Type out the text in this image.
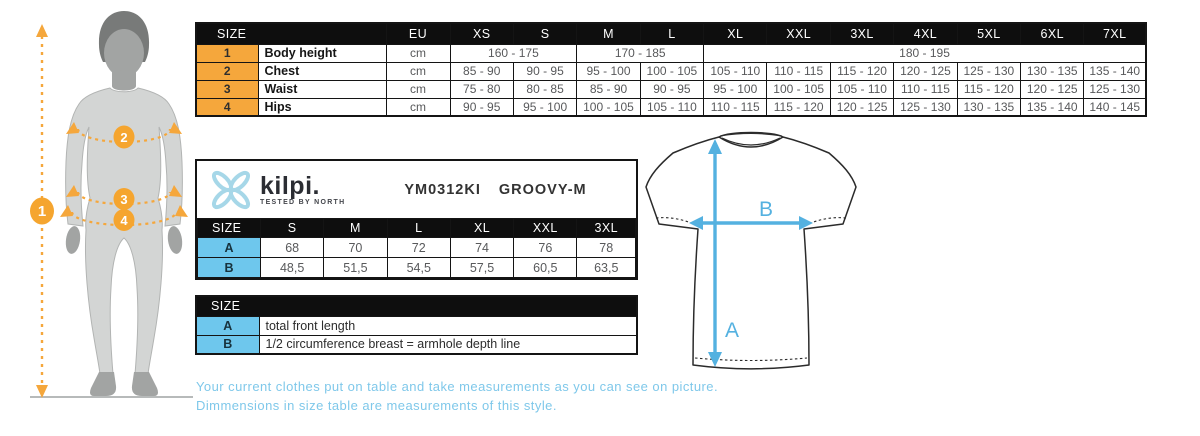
1
2
3
4
SIZE		EU	XS	S	M	L	XL	XXL	3XL	4XL	5XL	6XL	7XL
1	Body height	cm	160 - 175		170 - 185		180 - 195						
2	Chest	cm	85 - 90	90 - 95	95 - 100	100 - 105	105 - 110	110 - 115	115 - 120	120 - 125	125 - 130	130 - 135	135 - 140
3	Waist	cm	75 - 80	80 - 85	85 - 90	90 - 95	95 - 100	100 - 105	105 - 110	110 - 115	115 - 120	120 - 125	125 - 130
4	Hips	cm	90 - 95	95 - 100	100 - 105	105 - 110	110 - 115	115 - 120	120 - 125	125 - 130	130 - 135	135 - 140	140 - 145
kilpi.
TESTED BY NORTH
YM0312KI GROOVY-M
SIZE	S	M	L	XL	XXL	3XL
A	68	70	72	74	76	78
B	48,5	51,5	54,5	57,5	60,5	63,5
SIZE	
A	total front length
B	1/2 circumference breast = armhole depth line
B
A
Your current clothes put on table and take measurements as you can see on picture.
Dimmensions in size table are measurements of this style.
